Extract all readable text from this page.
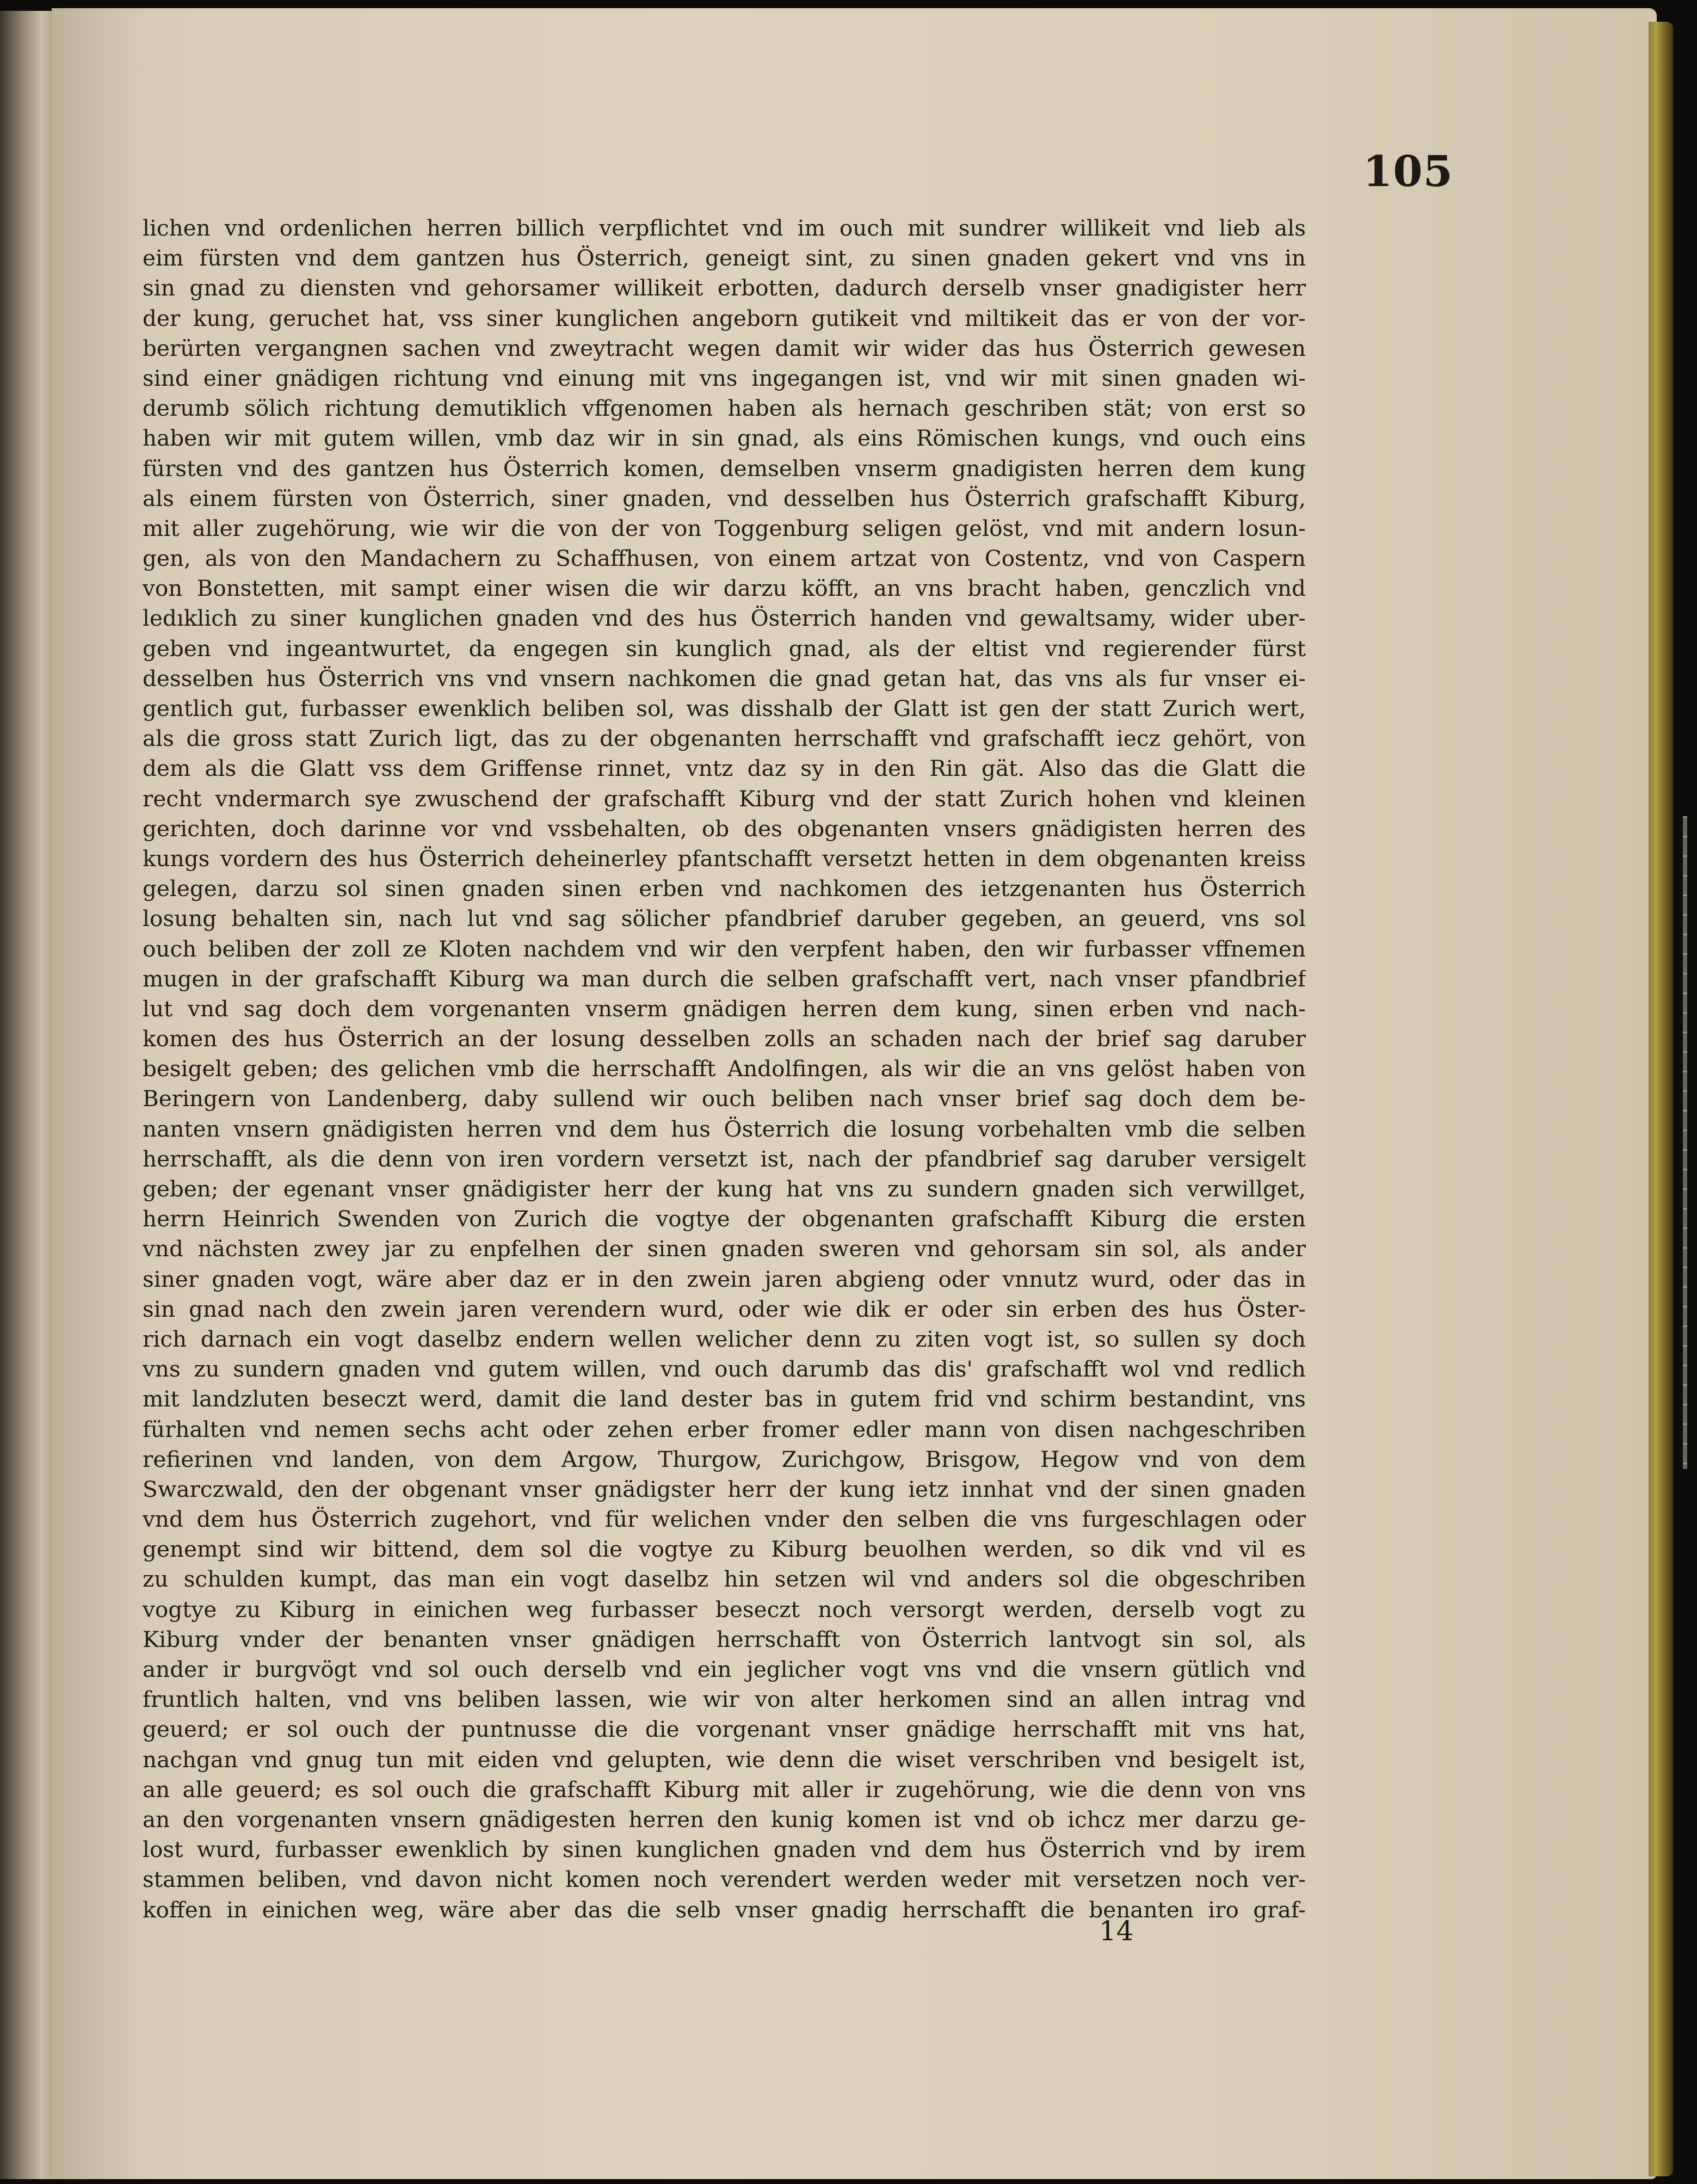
105
lichen vnd ordenlichen herren billich verpflichtet vnd im ouch mit sundrer willikeit vnd lieb als
eim fürsten vnd dem gantzen hus Österrich, geneigt sint, zu sinen gnaden gekert vnd vns in
sin gnad zu diensten vnd gehorsamer willikeit erbotten, dadurch derselb vnser gnadigister herr
der kung, geruchet hat, vss siner kunglichen angeborn gutikeit vnd miltikeit das er von der vor-
berürten vergangnen sachen vnd zweytracht wegen damit wir wider das hus Österrich gewesen
sind einer gnädigen richtung vnd einung mit vns ingegangen ist, vnd wir mit sinen gnaden wi-
derumb sölich richtung demutiklich vffgenomen haben als hernach geschriben stät; von erst so
haben wir mit gutem willen, vmb daz wir in sin gnad, als eins Römischen kungs, vnd ouch eins
fürsten vnd des gantzen hus Österrich komen, demselben vnserm gnadigisten herren dem kung
als einem fürsten von Österrich, siner gnaden, vnd desselben hus Österrich grafschafft Kiburg,
mit aller zugehörung, wie wir die von der von Toggenburg seligen gelöst, vnd mit andern losun-
gen, als von den Mandachern zu Schaffhusen, von einem artzat von Costentz, vnd von Caspern
von Bonstetten, mit sampt einer wisen die wir darzu köfft, an vns bracht haben, genczlich vnd
ledıklich zu siner kunglichen gnaden vnd des hus Österrich handen vnd gewaltsamy, wider uber-
geben vnd ingeantwurtet, da engegen sin kunglich gnad, als der eltist vnd regierender fürst
desselben hus Österrich vns vnd vnsern nachkomen die gnad getan hat, das vns als fur vnser ei-
gentlich gut, furbasser ewenklich beliben sol, was disshalb der Glatt ist gen der statt Zurich wert,
als die gross statt Zurich ligt, das zu der obgenanten herrschafft vnd grafschafft iecz gehört, von
dem als die Glatt vss dem Griffense rinnet, vntz daz sy in den Rin gät. Also das die Glatt die
recht vndermarch sye zwuschend der grafschafft Kiburg vnd der statt Zurich hohen vnd kleinen
gerichten, doch darinne vor vnd vssbehalten, ob des obgenanten vnsers gnädigisten herren des
kungs vordern des hus Österrich deheinerley pfantschafft versetzt hetten in dem obgenanten kreiss
gelegen, darzu sol sinen gnaden sinen erben vnd nachkomen des ietzgenanten hus Österrich
losung behalten sin, nach lut vnd sag sölicher pfandbrief daruber gegeben, an geuerd, vns sol
ouch beliben der zoll ze Kloten nachdem vnd wir den verpfent haben, den wir furbasser vffnemen
mugen in der grafschafft Kiburg wa man durch die selben grafschafft vert, nach vnser pfandbrief
lut vnd sag doch dem vorgenanten vnserm gnädigen herren dem kung, sinen erben vnd nach-
komen des hus Österrich an der losung desselben zolls an schaden nach der brief sag daruber
besigelt geben; des gelichen vmb die herrschafft Andolfingen, als wir die an vns gelöst haben von
Beringern von Landenberg, daby sullend wir ouch beliben nach vnser brief sag doch dem be-
nanten vnsern gnädigisten herren vnd dem hus Österrich die losung vorbehalten vmb die selben
herrschafft, als die denn von iren vordern versetzt ist, nach der pfandbrief sag daruber versigelt
geben; der egenant vnser gnädigister herr der kung hat vns zu sundern gnaden sich verwillget,
herrn Heinrich Swenden von Zurich die vogtye der obgenanten grafschafft Kiburg die ersten
vnd nächsten zwey jar zu enpfelhen der sinen gnaden sweren vnd gehorsam sin sol, als ander
siner gnaden vogt, wäre aber daz er in den zwein jaren abgieng oder vnnutz wurd, oder das in
sin gnad nach den zwein jaren verendern wurd, oder wie dik er oder sin erben des hus Öster-
rich darnach ein vogt daselbz endern wellen welicher denn zu ziten vogt ist, so sullen sy doch
vns zu sundern gnaden vnd gutem willen, vnd ouch darumb das dis' grafschafft wol vnd redlich
mit landzluten beseczt werd, damit die land dester bas in gutem frid vnd schirm bestandint, vns
fürhalten vnd nemen sechs acht oder zehen erber fromer edler mann von disen nachgeschriben
refierinen vnd landen, von dem Argow, Thurgow, Zurichgow, Brisgow, Hegow vnd von dem
Swarczwald, den der obgenant vnser gnädigster herr der kung ietz innhat vnd der sinen gnaden
vnd dem hus Österrich zugehort, vnd für welichen vnder den selben die vns furgeschlagen oder
genempt sind wir bittend, dem sol die vogtye zu Kiburg beuolhen werden, so dik vnd vil es
zu schulden kumpt, das man ein vogt daselbz hin setzen wil vnd anders sol die obgeschriben
vogtye zu Kiburg in einichen weg furbasser beseczt noch versorgt werden, derselb vogt zu
Kiburg vnder der benanten vnser gnädigen herrschafft von Österrich lantvogt sin sol, als
ander ir burgvögt vnd sol ouch derselb vnd ein jeglicher vogt vns vnd die vnsern gütlich vnd
fruntlich halten, vnd vns beliben lassen, wie wir von alter herkomen sind an allen intrag vnd
geuerd; er sol ouch der puntnusse die die vorgenant vnser gnädige herrschafft mit vns hat,
nachgan vnd gnug tun mit eiden vnd gelupten, wie denn die wiset verschriben vnd besigelt ist,
an alle geuerd; es sol ouch die grafschafft Kiburg mit aller ir zugehörung, wie die denn von vns
an den vorgenanten vnsern gnädigesten herren den kunig komen ist vnd ob ichcz mer darzu ge-
lost wurd, furbasser ewenklich by sinen kunglichen gnaden vnd dem hus Österrich vnd by irem
stammen beliben, vnd davon nicht komen noch verendert werden weder mit versetzen noch ver-
koffen in einichen weg, wäre aber das die selb vnser gnadig herrschafft die benanten iro graf-
14
